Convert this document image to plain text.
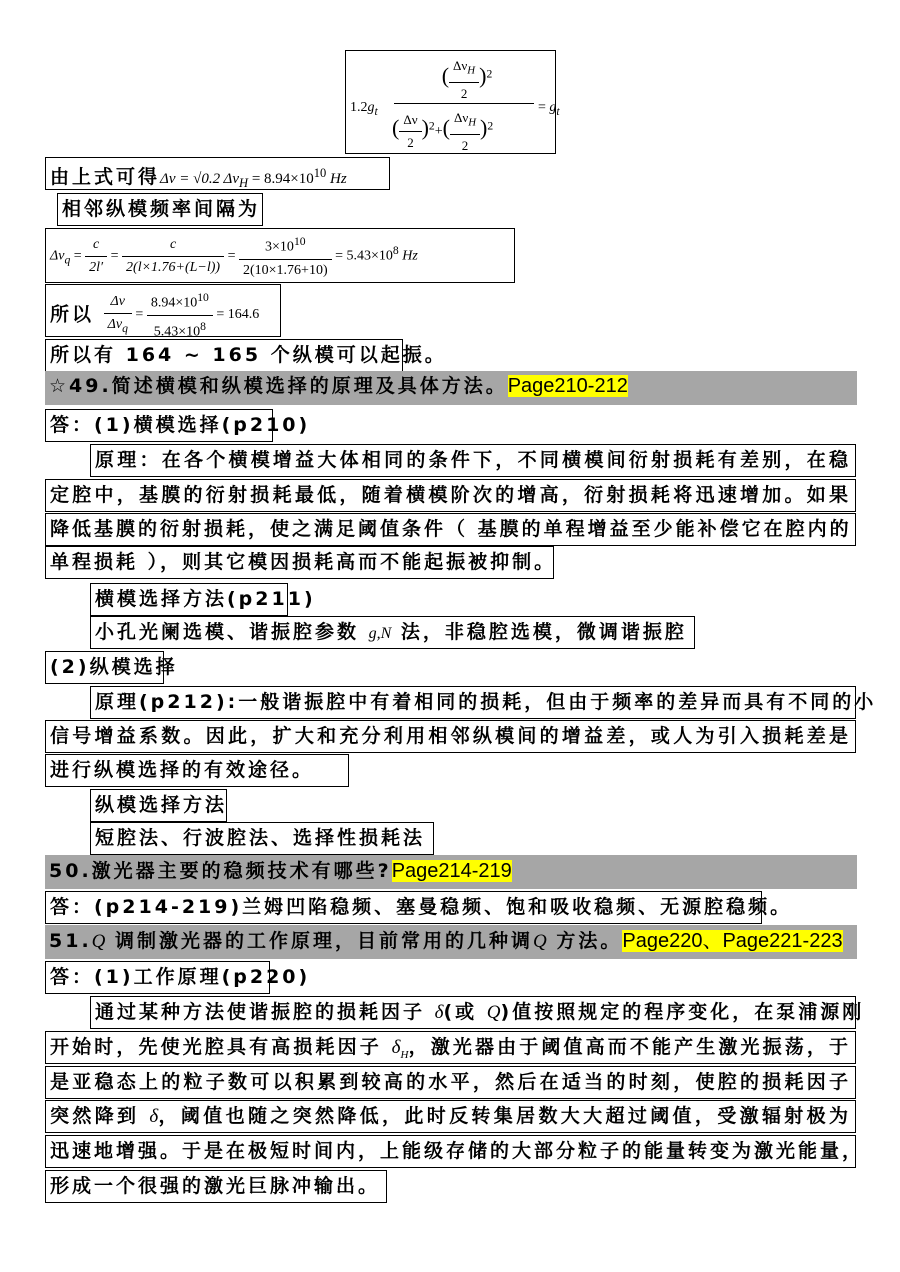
$1.2g_t$
( $\frac{\Delta\nu_H}{2} )^2$
( $\frac{\Delta\nu}{2} )^2+( \frac{\Delta\nu_H}{2} )^2$
= $g_t$
由上式可得Δν = √0.2 $\Delta\nu_H = 8.94\times 10^{10}$ Hz
相邻纵模频率间隔为
$\Delta\nu_q = \frac{c}{2l'} = \frac{c}{2(l\times 1.76+(L-l))} = \frac{3\times 10^{10}}{2(10\times 1.76+10)} = 5.43\times 10^8$ Hz
所以 $\frac{\Delta\nu}{\Delta\nu_q} = \frac{8.94\times 10^{10}}{5.43\times 10^8} = 164.6$
所以有 164 ~ 165 个纵模可以起振。
☆49.简述横模和纵模选择的原理及具体方法。Page210-212
答：(1)横模选择(p210)
原理：在各个横模增益大体相同的条件下，不同横模间衍射损耗有差别，在稳
定腔中，基膜的衍射损耗最低，随着横模阶次的增高，衍射损耗将迅速增加。如果
降低基膜的衍射损耗，使之满足阈值条件（ 基膜的单程增益至少能补偿它在腔内的
单程损耗 ），则其它模因损耗高而不能起振被抑制。
横模选择方法(p211)
小孔光阑选模、谐振腔参数 g,N 法，非稳腔选模，微调谐振腔
(2)纵模选择
原理(p212):一般谐振腔中有着相同的损耗，但由于频率的差异而具有不同的小
信号增益系数。因此，扩大和充分利用相邻纵模间的增益差，或人为引入损耗差是
进行纵模选择的有效途径。
纵模选择方法
短腔法、行波腔法、选择性损耗法
50.激光器主要的稳频技术有哪些?Page214-219
答：(p214-219)兰姆凹陷稳频、塞曼稳频、饱和吸收稳频、无源腔稳频。
51.Q 调制激光器的工作原理，目前常用的几种调Q 方法。Page220、Page221-223
答：(1)工作原理(p220)
通过某种方法使谐振腔的损耗因子 δ(或 Q)值按照规定的程序变化，在泵浦源刚
开始时，先使光腔具有高损耗因子 $\delta_H$，激光器由于阈值高而不能产生激光振荡，于
是亚稳态上的粒子数可以积累到较高的水平，然后在适当的时刻，使腔的损耗因子
突然降到 δ，阈值也随之突然降低，此时反转集居数大大超过阈值，受激辐射极为
迅速地增强。于是在极短时间内，上能级存储的大部分粒子的能量转变为激光能量，
形成一个很强的激光巨脉冲输出。
